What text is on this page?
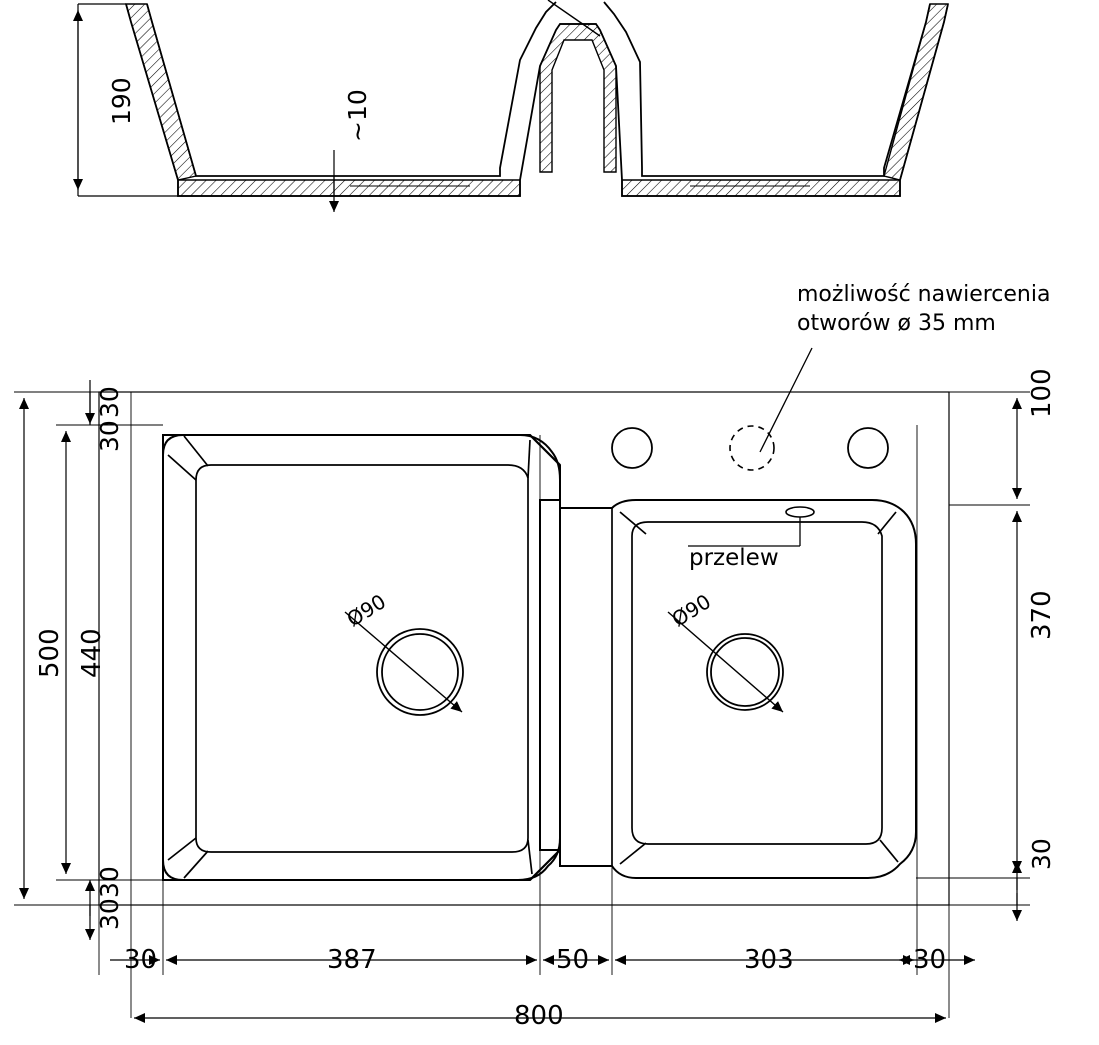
190	~10
możliwość nawiercenia
otworów ø 35 mm
przelew
Ø90	Ø90
500 440
30
30
30
30
100
370
30
30	387	50	303	30
800
